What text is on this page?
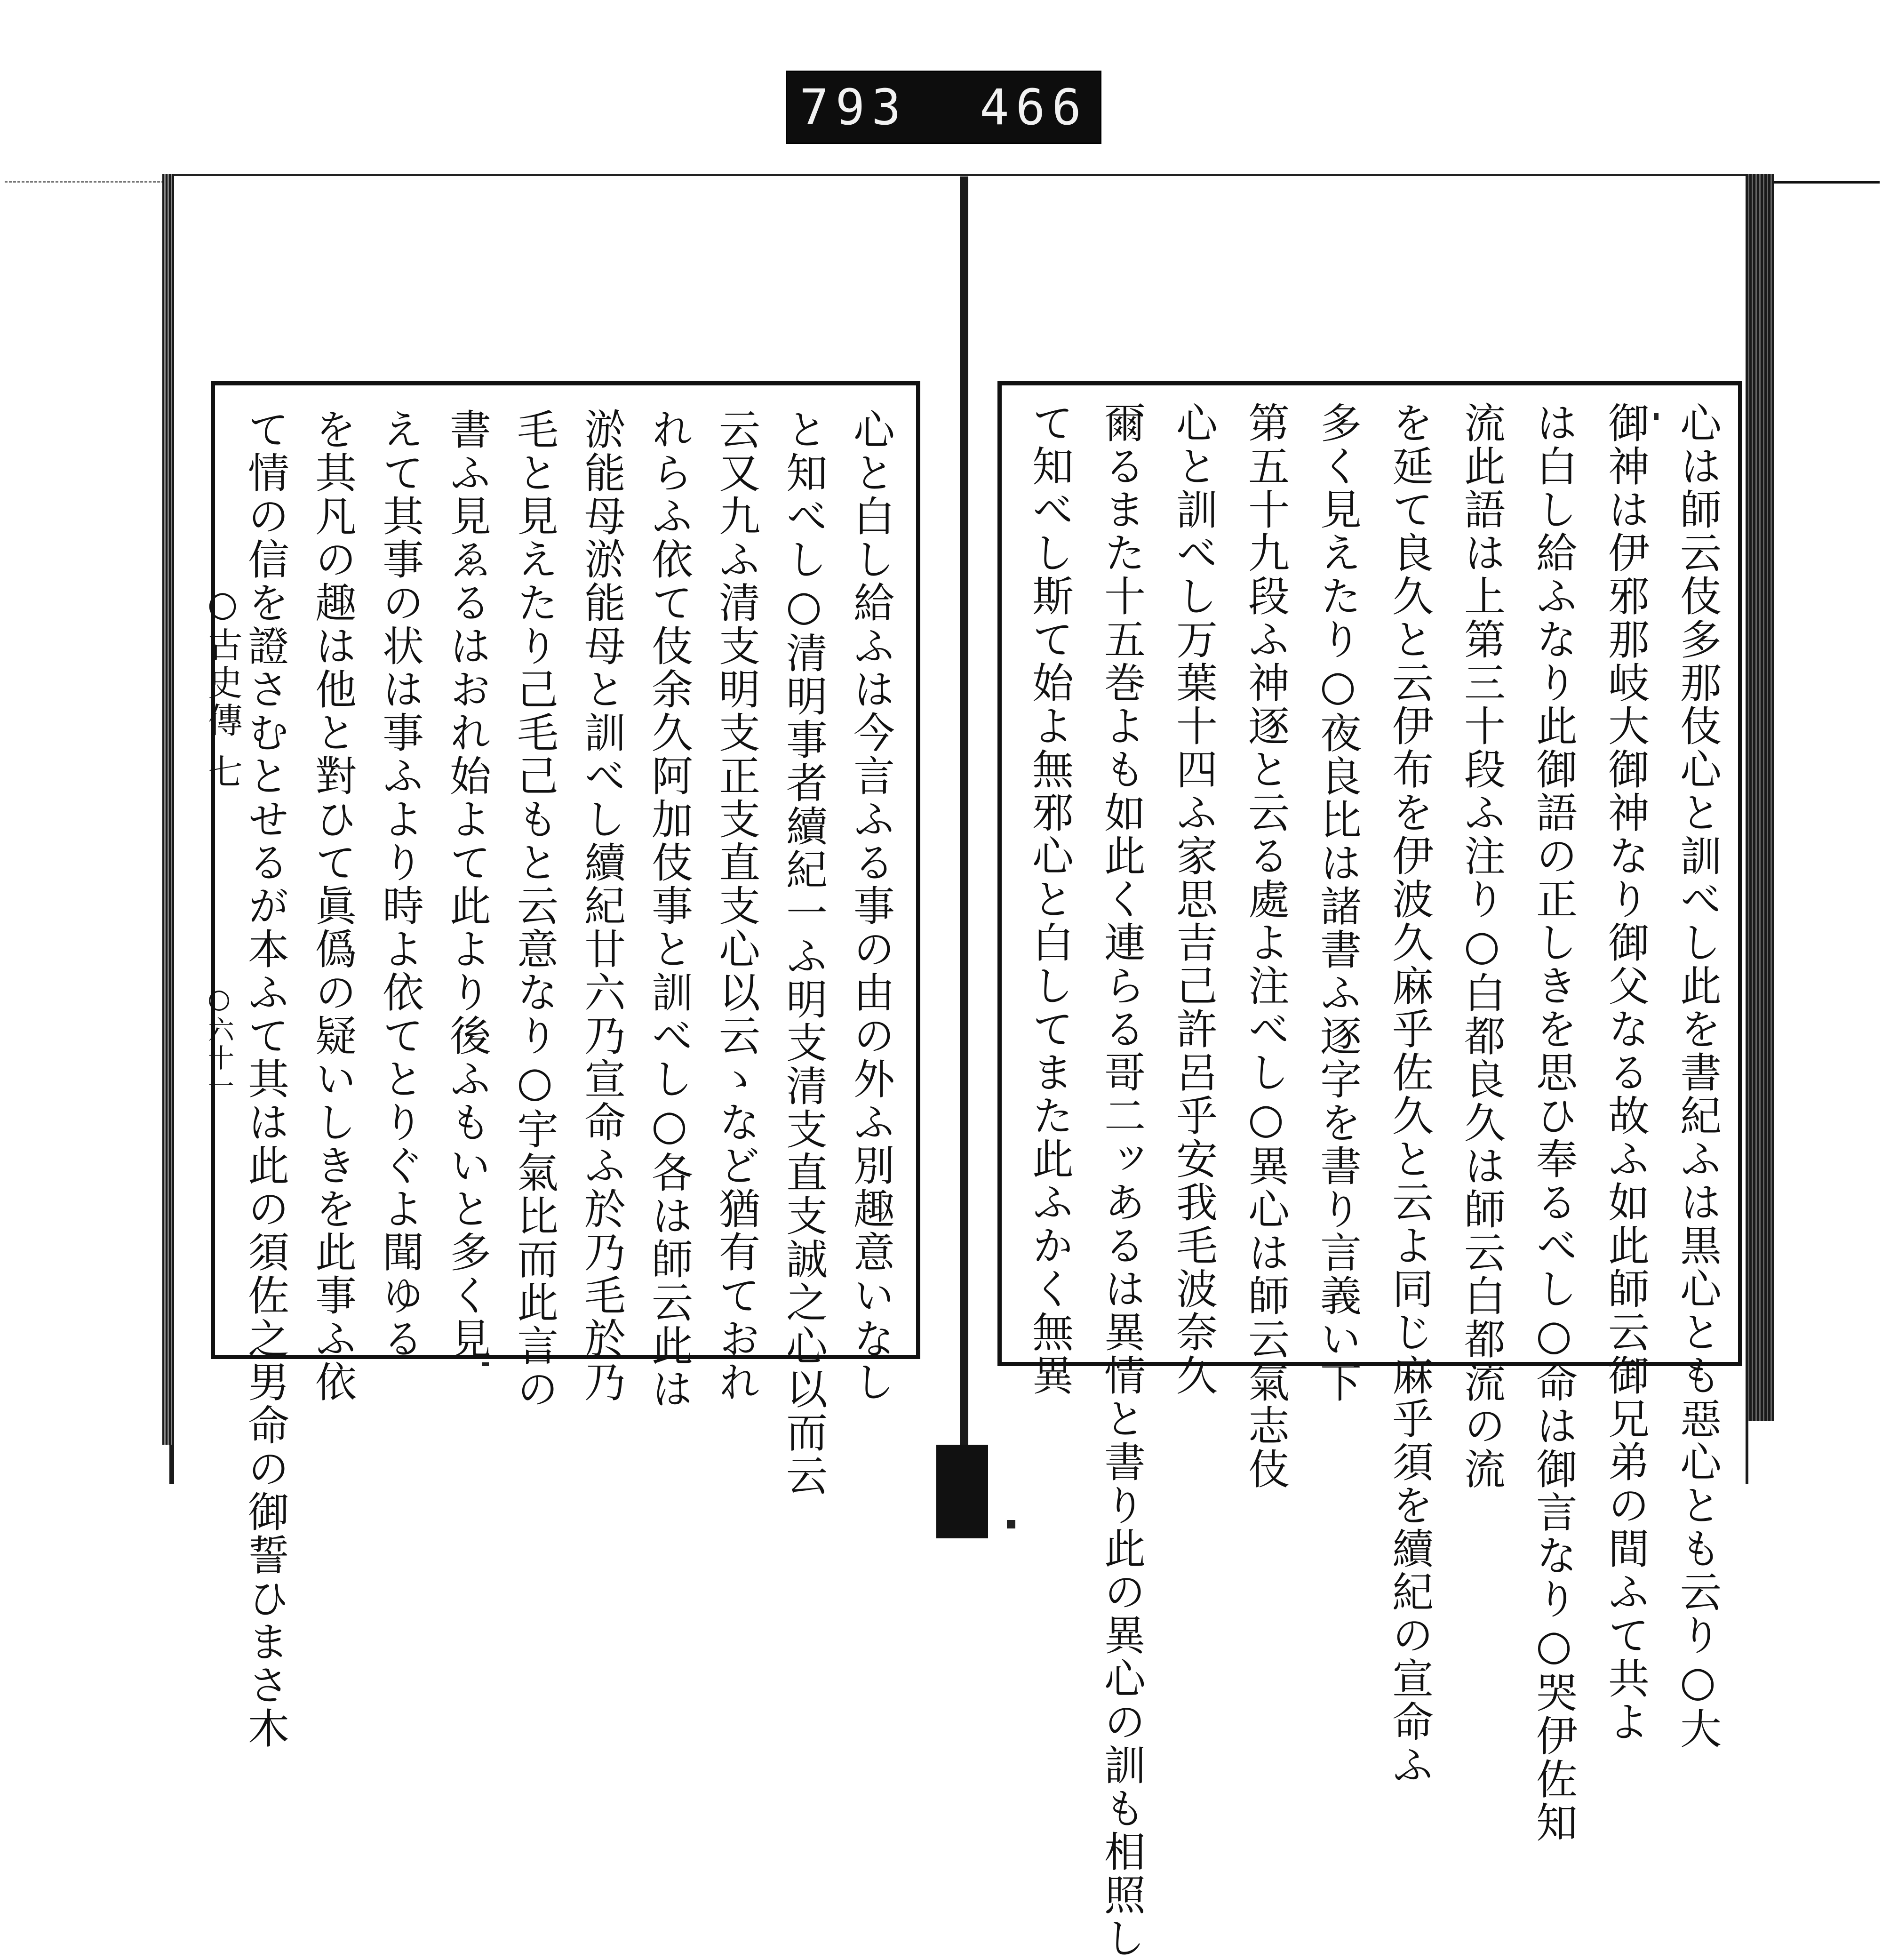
793  466
○古史傳 七
○六十一	心は師云伎多那伎心と訓べし此を書紀ふは黒心とも惡心とも云り○大
御神は伊邪那岐大御神なり御父なる故ふ如此師云御兄弟の間ふて共よ
は白し給ふなり此御語の正しきを思ひ奉るべし○命は御言なり○哭伊佐知
流此語は上第三十段ふ注り○白都良久は師云白都流の流
を延て良久と云伊布を伊波久麻乎佐久と云よ同じ麻乎須を續紀の宣命ふ
多く見えたり○夜良比は諸書ふ逐字を書り言義い下
第五十九段ふ神逐と云る處よ注べし○異心は師云氣志伎
心と訓べし万葉十四ふ家思吉己許呂乎安我毛波奈久
爾るまた十五巻よも如此く連らる哥二ッあるは異情と書り此の異心の訓も相照し
て知べし斯て始よ無邪心と白してまた此ふかく無異
心と白し給ふは今言ふる事の由の外ふ別趣意いなし
と知べし○清明事者續紀一ふ明支清支直支誠之心以而云
云又九ふ清支明支正支直支心以云ゝなど猶有ておれ
れらふ依て伎余久阿加伎事と訓べし○各は師云此は
淤能母淤能母と訓べし續紀廿六乃宣命ふ於乃毛於乃
毛と見えたり己毛己もと云意なり○宇氣比而此言の
書ふ見ゑるはおれ始よて此より後ふもいと多く見
えて其事の状は事ふより時よ依てとりぐよ聞ゆる
を其凡の趣は他と對ひて眞僞の疑いしきを此事ふ依
て情の信を證さむとせるが本ふて其は此の須佐之男命の御誓ひまさ木
